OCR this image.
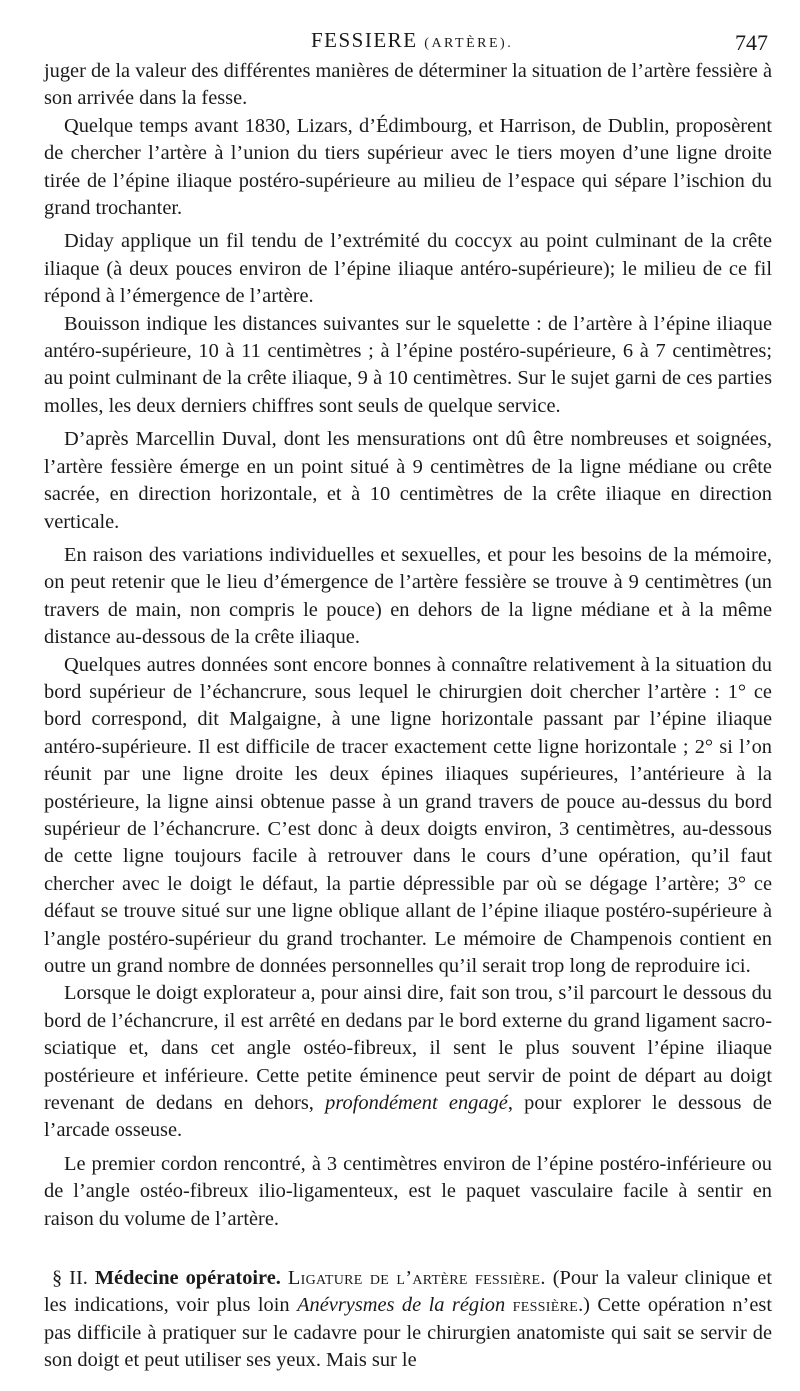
FESSIERE (ARTÈRE).	747

juger de la valeur des différentes manières de déterminer la situation de l’artère fessière à son arrivée dans la fesse.

Quelque temps avant 1830, Lizars, d’Édimbourg, et Harrison, de Dublin, proposèrent de chercher l’artère à l’union du tiers supérieur avec le tiers moyen d’une ligne droite tirée de l’épine iliaque postéro-supérieure au milieu de l’espace qui sépare l’ischion du grand trochanter.

Diday applique un fil tendu de l’extrémité du coccyx au point culminant de la crête iliaque (à deux pouces environ de l’épine iliaque antéro-supérieure); le milieu de ce fil répond à l’émergence de l’artère.

Bouisson indique les distances suivantes sur le squelette : de l’artère à l’épine iliaque antéro-supérieure, 10 à 11 centimètres ; à l’épine postéro-supérieure, 6 à 7 centimètres; au point culminant de la crête iliaque, 9 à 10 centimètres. Sur le sujet garni de ces parties molles, les deux derniers chiffres sont seuls de quelque service.

D’après Marcellin Duval, dont les mensurations ont dû être nombreuses et soignées, l’artère fessière émerge en un point situé à 9 centimètres de la ligne médiane ou crête sacrée, en direction horizontale, et à 10 centimètres de la crête iliaque en direction verticale.

En raison des variations individuelles et sexuelles, et pour les besoins de la mémoire, on peut retenir que le lieu d’émergence de l’artère fessière se trouve à 9 centimètres (un travers de main, non compris le pouce) en dehors de la ligne médiane et à la même distance au-dessous de la crête iliaque.

Quelques autres données sont encore bonnes à connaître relativement à la situation du bord supérieur de l’échancrure, sous lequel le chirurgien doit chercher l’artère : 1° ce bord correspond, dit Malgaigne, à une ligne horizontale passant par l’épine iliaque antéro-supérieure. Il est difficile de tracer exactement cette ligne horizontale ; 2° si l’on réunit par une ligne droite les deux épines iliaques supérieures, l’antérieure à la postérieure, la ligne ainsi obtenue passe à un grand travers de pouce au-dessus du bord supérieur de l’échancrure. C’est donc à deux doigts environ, 3 centimètres, au-dessous de cette ligne toujours facile à retrouver dans le cours d’une opération, qu’il faut chercher avec le doigt le défaut, la partie dépressible par où se dégage l’artère; 3° ce défaut se trouve situé sur une ligne oblique allant de l’épine iliaque postéro-supérieure à l’angle postéro-supérieur du grand trochanter. Le mémoire de Champenois contient en outre un grand nombre de données personnelles qu’il serait trop long de reproduire ici.

Lorsque le doigt explorateur a, pour ainsi dire, fait son trou, s’il parcourt le dessous du bord de l’échancrure, il est arrêté en dedans par le bord externe du grand ligament sacro-sciatique et, dans cet angle ostéo-fibreux, il sent le plus souvent l’épine iliaque postérieure et inférieure. Cette petite éminence peut servir de point de départ au doigt revenant de dedans en dehors, profondément engagé, pour explorer le dessous de l’arcade osseuse.

Le premier cordon rencontré, à 3 centimètres environ de l’épine postéro-inférieure ou de l’angle ostéo-fibreux ilio-ligamenteux, est le paquet vasculaire facile à sentir en raison du volume de l’artère.

§ II. Médecine opératoire. Ligature de l’artère fessière. (Pour la valeur clinique et les indications, voir plus loin Anévrysmes de la région fessière.) Cette opération n’est pas difficile à pratiquer sur le cadavre pour le chirurgien anatomiste qui sait se servir de son doigt et peut utiliser ses yeux. Mais sur le
